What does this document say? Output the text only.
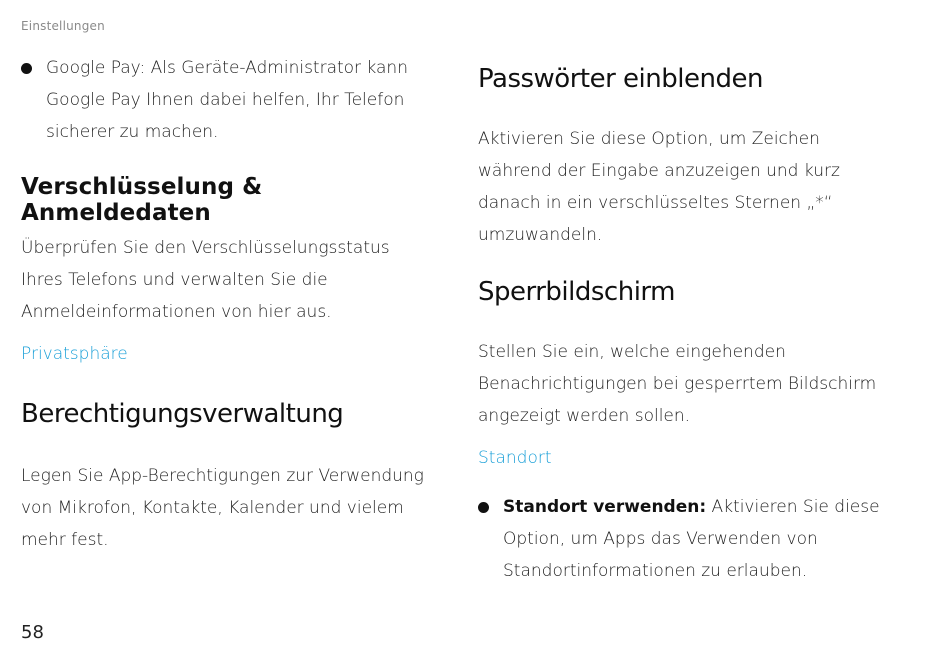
Einstellungen
Google Pay: Als Geräte-Administrator kann Google Pay Ihnen dabei helfen, Ihr Telefon sicherer zu machen.
Verschlüsselung & Anmeldedaten
Überprüfen Sie den Verschlüsselungsstatus Ihres Telefons und verwalten Sie die Anmeldeinformationen von hier aus.
Privatsphäre
Berechtigungsverwaltung
Legen Sie App-Berechtigungen zur Verwendung von Mikrofon, Kontakte, Kalender und vielem mehr fest.
Passwörter einblenden
Aktivieren Sie diese Option, um Zeichen während der Eingabe anzuzeigen und kurz danach in ein verschlüsseltes Sternen „*“ umzuwandeln.
Sperrbildschirm
Stellen Sie ein, welche eingehenden Benachrichtigungen bei gesperrtem Bildschirm angezeigt werden sollen.
Standort
Standort verwenden: Aktivieren Sie diese Option, um Apps das Verwenden von Standortinformationen zu erlauben.
58
